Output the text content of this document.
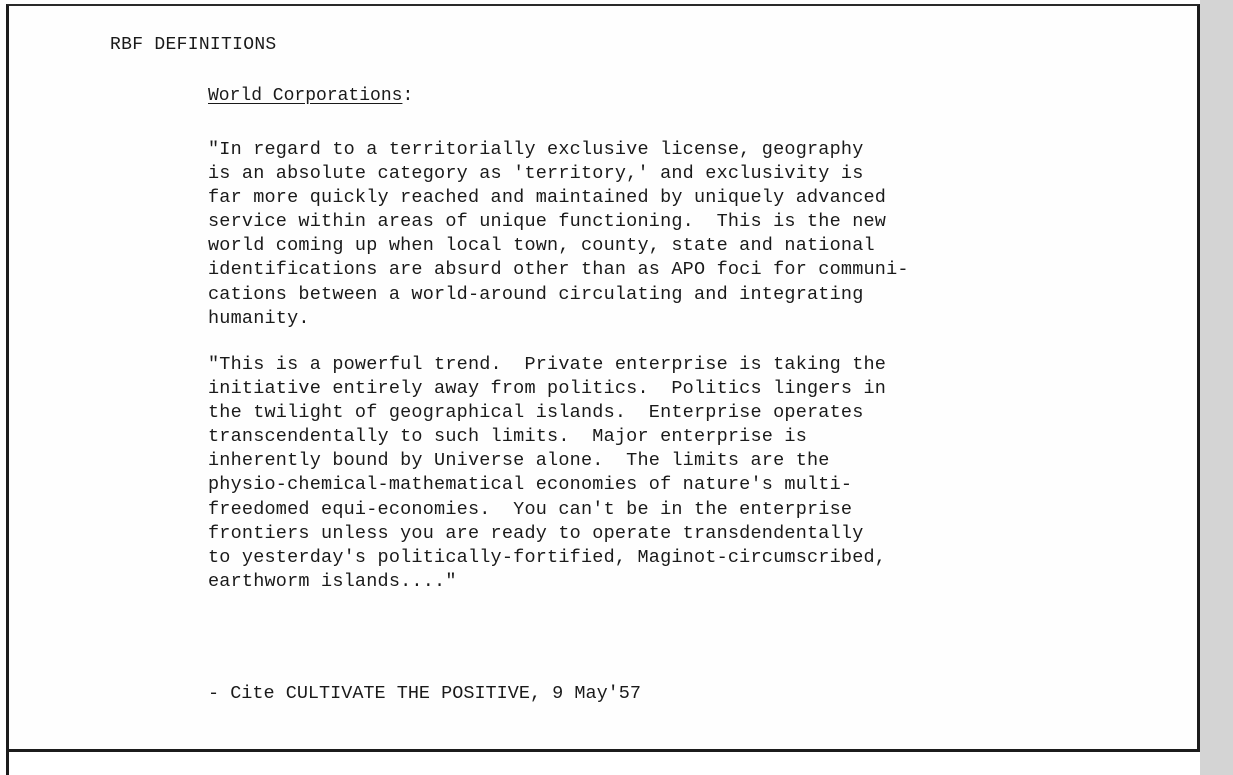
RBF DEFINITIONS
World Corporations:
"In regard to a territorially exclusive license, geography
is an absolute category as 'territory,' and exclusivity is
far more quickly reached and maintained by uniquely advanced
service within areas of unique functioning.  This is the new
world coming up when local town, county, state and national
identifications are absurd other than as APO foci for communi-
cations between a world-around circulating and integrating
humanity.
"This is a powerful trend.  Private enterprise is taking the
initiative entirely away from politics.  Politics lingers in
the twilight of geographical islands.  Enterprise operates
transcendentally to such limits.  Major enterprise is
inherently bound by Universe alone.  The limits are the
physio-chemical-mathematical economies of nature's multi-
freedomed equi-economies.  You can't be in the enterprise
frontiers unless you are ready to operate transdendentally
to yesterday's politically-fortified, Maginot-circumscribed,
earthworm islands...."
- Cite CULTIVATE THE POSITIVE, 9 May'57
